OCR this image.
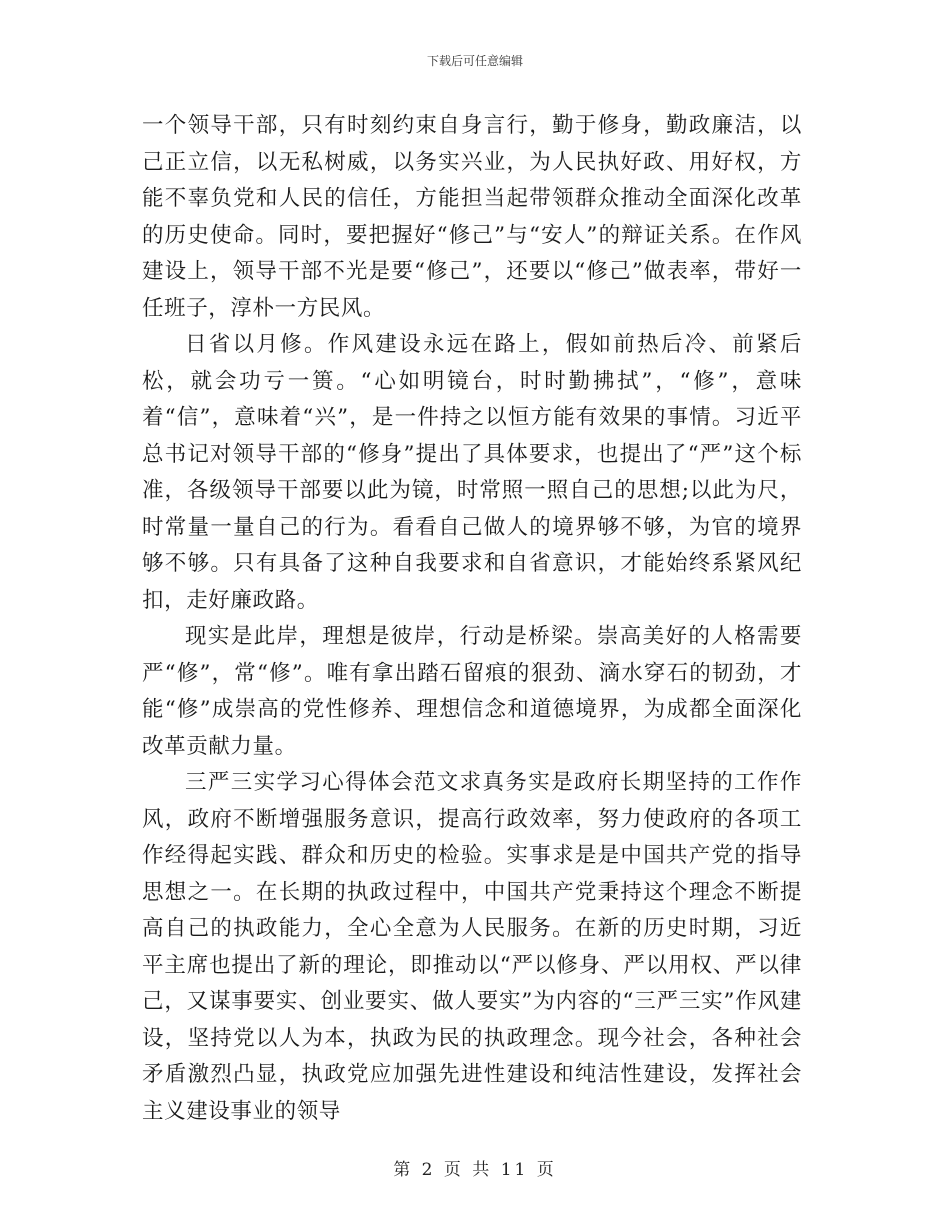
下载后可任意编辑

一个领导干部，只有时刻约束自身言行，勤于修身，勤政廉洁，以己正立信，以无私树威，以务实兴业，为人民执好政、用好权，方能不辜负党和人民的信任，方能担当起带领群众推动全面深化改革的历史使命。同时，要把握好“修己”与“安人”的辩证关系。在作风建设上，领导干部不光是要“修己”，还要以“修己”做表率，带好一任班子，淳朴一方民风。

日省以月修。作风建设永远在路上，假如前热后冷、前紧后松，就会功亏一篑。“心如明镜台，时时勤拂拭”，“修”，意味着“信”，意味着“兴”，是一件持之以恒方能有效果的事情。习近平总书记对领导干部的“修身”提出了具体要求，也提出了“严”这个标准，各级领导干部要以此为镜，时常照一照自己的思想;以此为尺，时常量一量自己的行为。看看自己做人的境界够不够，为官的境界够不够。只有具备了这种自我要求和自省意识，才能始终系紧风纪扣，走好廉政路。

现实是此岸，理想是彼岸，行动是桥梁。崇高美好的人格需要严“修”，常“修”。唯有拿出踏石留痕的狠劲、滴水穿石的韧劲，才能“修”成崇高的党性修养、理想信念和道德境界，为成都全面深化改革贡献力量。

三严三实学习心得体会范文求真务实是政府长期坚持的工作作风，政府不断增强服务意识，提高行政效率，努力使政府的各项工作经得起实践、群众和历史的检验。实事求是是中国共产党的指导思想之一。在长期的执政过程中，中国共产党秉持这个理念不断提高自己的执政能力，全心全意为人民服务。在新的历史时期，习近平主席也提出了新的理论，即推动以“严以修身、严以用权、严以律己，又谋事要实、创业要实、做人要实”为内容的“三严三实”作风建设，坚持党以人为本，执政为民的执政理念。现今社会，各种社会矛盾激烈凸显，执政党应加强先进性建设和纯洁性建设，发挥社会主义建设事业的领导

第 2 页 共 11 页
